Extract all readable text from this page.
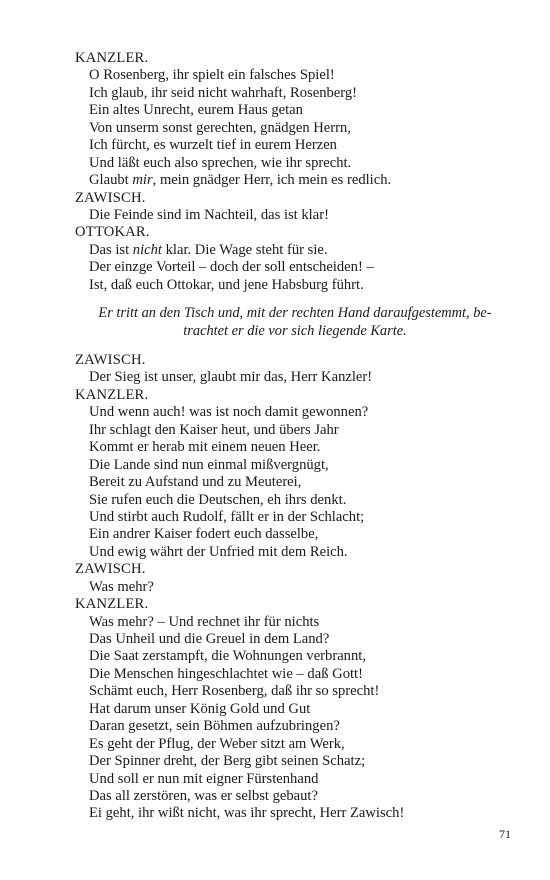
KANZLER.
O Rosenberg, ihr spielt ein falsches Spiel!
Ich glaub, ihr seid nicht wahrhaft, Rosenberg!
Ein altes Unrecht, eurem Haus getan
Von unserm sonst gerechten, gnädgen Herrn,
Ich fürcht, es wurzelt tief in eurem Herzen
Und läßt euch also sprechen, wie ihr sprecht.
Glaubt mir, mein gnädger Herr, ich mein es redlich.
ZAWISCH.
Die Feinde sind im Nachteil, das ist klar!
OTTOKAR.
Das ist nicht klar. Die Wage steht für sie.
Der einzge Vorteil – doch der soll entscheiden! –
Ist, daß euch Ottokar, und jene Habsburg führt.
Er tritt an den Tisch und, mit der rechten Hand daraufgestemmt, be-
trachtet er die vor sich liegende Karte.
ZAWISCH.
Der Sieg ist unser, glaubt mir das, Herr Kanzler!
KANZLER.
Und wenn auch! was ist noch damit gewonnen?
Ihr schlagt den Kaiser heut, und übers Jahr
Kommt er herab mit einem neuen Heer.
Die Lande sind nun einmal mißvergnügt,
Bereit zu Aufstand und zu Meuterei,
Sie rufen euch die Deutschen, eh ihrs denkt.
Und stirbt auch Rudolf, fällt er in der Schlacht;
Ein andrer Kaiser fodert euch dasselbe,
Und ewig währt der Unfried mit dem Reich.
ZAWISCH.
Was mehr?
KANZLER.
Was mehr? – Und rechnet ihr für nichts
Das Unheil und die Greuel in dem Land?
Die Saat zerstampft, die Wohnungen verbrannt,
Die Menschen hingeschlachtet wie – daß Gott!
Schämt euch, Herr Rosenberg, daß ihr so sprecht!
Hat darum unser König Gold und Gut
Daran gesetzt, sein Böhmen aufzubringen?
Es geht der Pflug, der Weber sitzt am Werk,
Der Spinner dreht, der Berg gibt seinen Schatz;
Und soll er nun mit eigner Fürstenhand
Das all zerstören, was er selbst gebaut?
Ei geht, ihr wißt nicht, was ihr sprecht, Herr Zawisch!
71
